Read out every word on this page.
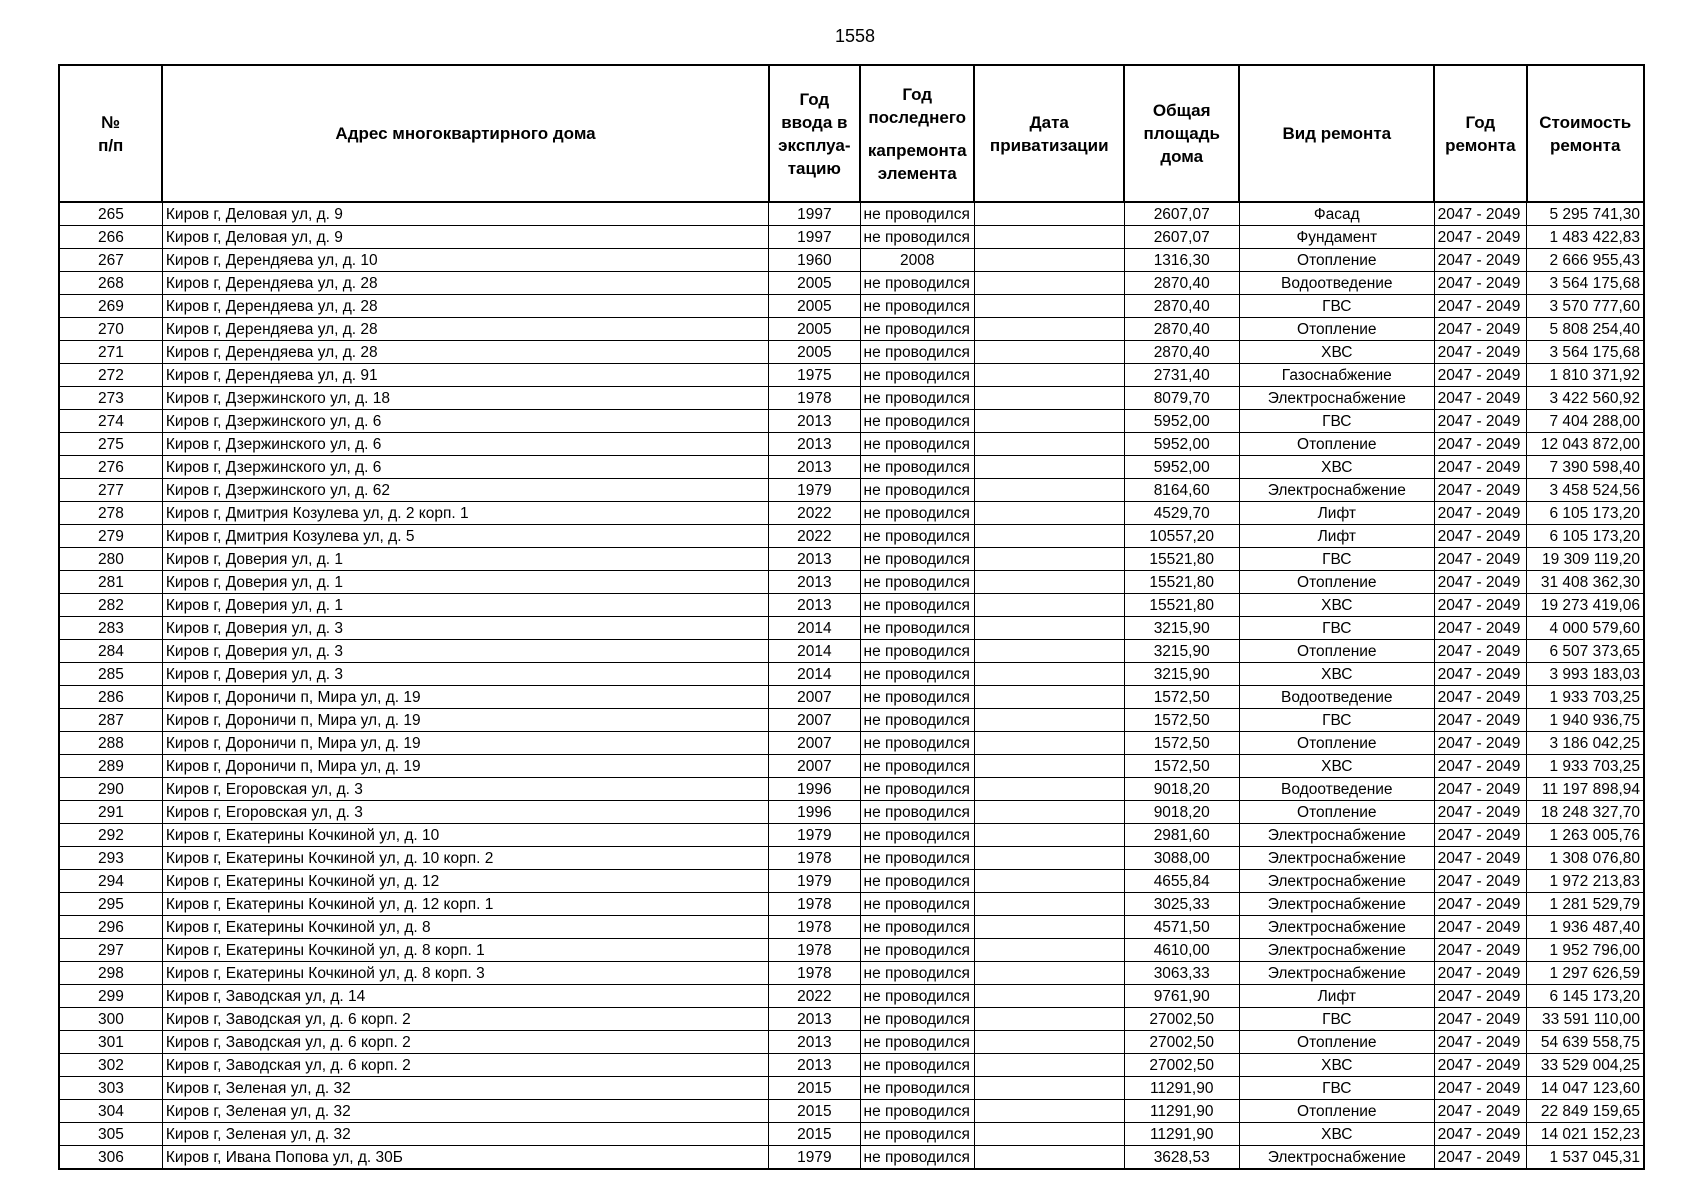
1558
№
п/п	Адрес многоквартирного дома	Год
ввода в
эксплуа-
тацию	Год
последнего
капремонта
элемента	Дата
приватизации	Общая
площадь
дома	Вид ремонта	Год
ремонта	Стоимость
ремонта

265	Киров г, Деловая ул, д. 9	1997	не проводился		2607,07	Фасад	2047 - 2049	5 295 741,30
266	Киров г, Деловая ул, д. 9	1997	не проводился		2607,07	Фундамент	2047 - 2049	1 483 422,83
267	Киров г, Дерендяева ул, д. 10	1960	2008		1316,30	Отопление	2047 - 2049	2 666 955,43
268	Киров г, Дерендяева ул, д. 28	2005	не проводился		2870,40	Водоотведение	2047 - 2049	3 564 175,68
269	Киров г, Дерендяева ул, д. 28	2005	не проводился		2870,40	ГВС	2047 - 2049	3 570 777,60
270	Киров г, Дерендяева ул, д. 28	2005	не проводился		2870,40	Отопление	2047 - 2049	5 808 254,40
271	Киров г, Дерендяева ул, д. 28	2005	не проводился		2870,40	ХВС	2047 - 2049	3 564 175,68
272	Киров г, Дерендяева ул, д. 91	1975	не проводился		2731,40	Газоснабжение	2047 - 2049	1 810 371,92
273	Киров г, Дзержинского ул, д. 18	1978	не проводился		8079,70	Электроснабжение	2047 - 2049	3 422 560,92
274	Киров г, Дзержинского ул, д. 6	2013	не проводился		5952,00	ГВС	2047 - 2049	7 404 288,00
275	Киров г, Дзержинского ул, д. 6	2013	не проводился		5952,00	Отопление	2047 - 2049	12 043 872,00
276	Киров г, Дзержинского ул, д. 6	2013	не проводился		5952,00	ХВС	2047 - 2049	7 390 598,40
277	Киров г, Дзержинского ул, д. 62	1979	не проводился		8164,60	Электроснабжение	2047 - 2049	3 458 524,56
278	Киров г, Дмитрия Козулева ул, д. 2 корп. 1	2022	не проводился		4529,70	Лифт	2047 - 2049	6 105 173,20
279	Киров г, Дмитрия Козулева ул, д. 5	2022	не проводился		10557,20	Лифт	2047 - 2049	6 105 173,20
280	Киров г, Доверия ул, д. 1	2013	не проводился		15521,80	ГВС	2047 - 2049	19 309 119,20
281	Киров г, Доверия ул, д. 1	2013	не проводился		15521,80	Отопление	2047 - 2049	31 408 362,30
282	Киров г, Доверия ул, д. 1	2013	не проводился		15521,80	ХВС	2047 - 2049	19 273 419,06
283	Киров г, Доверия ул, д. 3	2014	не проводился		3215,90	ГВС	2047 - 2049	4 000 579,60
284	Киров г, Доверия ул, д. 3	2014	не проводился		3215,90	Отопление	2047 - 2049	6 507 373,65
285	Киров г, Доверия ул, д. 3	2014	не проводился		3215,90	ХВС	2047 - 2049	3 993 183,03
286	Киров г, Дороничи п, Мира ул, д. 19	2007	не проводился		1572,50	Водоотведение	2047 - 2049	1 933 703,25
287	Киров г, Дороничи п, Мира ул, д. 19	2007	не проводился		1572,50	ГВС	2047 - 2049	1 940 936,75
288	Киров г, Дороничи п, Мира ул, д. 19	2007	не проводился		1572,50	Отопление	2047 - 2049	3 186 042,25
289	Киров г, Дороничи п, Мира ул, д. 19	2007	не проводился		1572,50	ХВС	2047 - 2049	1 933 703,25
290	Киров г, Егоровская ул, д. 3	1996	не проводился		9018,20	Водоотведение	2047 - 2049	11 197 898,94
291	Киров г, Егоровская ул, д. 3	1996	не проводился		9018,20	Отопление	2047 - 2049	18 248 327,70
292	Киров г, Екатерины Кочкиной ул, д. 10	1979	не проводился		2981,60	Электроснабжение	2047 - 2049	1 263 005,76
293	Киров г, Екатерины Кочкиной ул, д. 10 корп. 2	1978	не проводился		3088,00	Электроснабжение	2047 - 2049	1 308 076,80
294	Киров г, Екатерины Кочкиной ул, д. 12	1979	не проводился		4655,84	Электроснабжение	2047 - 2049	1 972 213,83
295	Киров г, Екатерины Кочкиной ул, д. 12 корп. 1	1978	не проводился		3025,33	Электроснабжение	2047 - 2049	1 281 529,79
296	Киров г, Екатерины Кочкиной ул, д. 8	1978	не проводился		4571,50	Электроснабжение	2047 - 2049	1 936 487,40
297	Киров г, Екатерины Кочкиной ул, д. 8 корп. 1	1978	не проводился		4610,00	Электроснабжение	2047 - 2049	1 952 796,00
298	Киров г, Екатерины Кочкиной ул, д. 8 корп. 3	1978	не проводился		3063,33	Электроснабжение	2047 - 2049	1 297 626,59
299	Киров г, Заводская ул, д. 14	2022	не проводился		9761,90	Лифт	2047 - 2049	6 145 173,20
300	Киров г, Заводская ул, д. 6 корп. 2	2013	не проводился		27002,50	ГВС	2047 - 2049	33 591 110,00
301	Киров г, Заводская ул, д. 6 корп. 2	2013	не проводился		27002,50	Отопление	2047 - 2049	54 639 558,75
302	Киров г, Заводская ул, д. 6 корп. 2	2013	не проводился		27002,50	ХВС	2047 - 2049	33 529 004,25
303	Киров г, Зеленая ул, д. 32	2015	не проводился		11291,90	ГВС	2047 - 2049	14 047 123,60
304	Киров г, Зеленая ул, д. 32	2015	не проводился		11291,90	Отопление	2047 - 2049	22 849 159,65
305	Киров г, Зеленая ул, д. 32	2015	не проводился		11291,90	ХВС	2047 - 2049	14 021 152,23
306	Киров г, Ивана Попова ул, д. 30Б	1979	не проводился		3628,53	Электроснабжение	2047 - 2049	1 537 045,31
